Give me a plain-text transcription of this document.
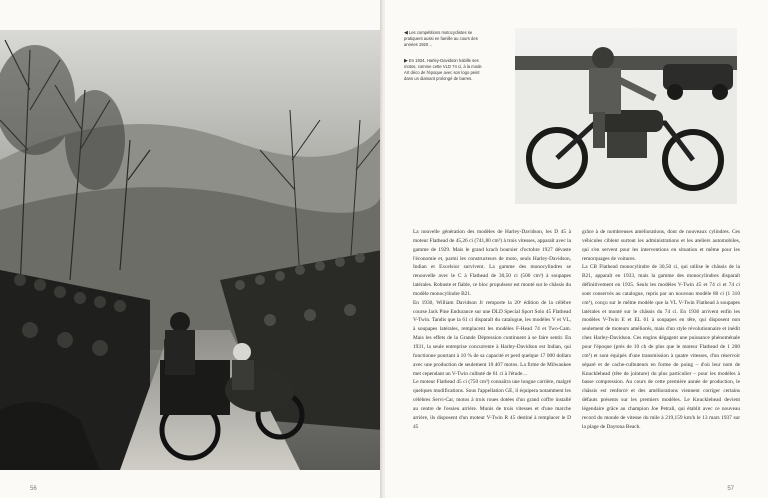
56
◀Les compétitions motocyclistes se pratiquent aussi en famille au cours des années 1920…
▶En 1934, Harley-Davidson habille ses motos, comme cette VLD 74 ci, à la mode Art déco de l'époque avec son logo peint dans un diamant prolongé de barres.

La nouvelle génération des modèles de Harley-Davidson, les D 45 à moteur Flathead de 45,26 ci (741,80 cm³) à trois vitesses, apparaît avec la gamme de 1929. Mais le grand krach boursier d'octobre 1927 dévaste l'économie et, parmi les constructeurs de moto, seuls Harley-Davidson, Indian et Excelsior survivent. La gamme des monocylindres se renouvelle avec le C à Flathead de 30,50 ci (500 cm³) à soupapes latérales. Robuste et fiable, ce bloc propulseur est monté sur le châssis du modèle monocylindre B21.

En 1930, William Davidson Jr remporte la 20ᵉ édition de la célèbre course Jack Pine Endurance sur une DLD Special Sport Solo 45 Flathead V-Twin. Tandis que la 61 ci disparaît du catalogue, les modèles V et VL, à soupapes latérales, remplacent les modèles F-Head 74 et Two-Cam. Mais les effets de la Grande Dépression continuent à se faire sentir. En 1931, la seule entreprise concurrente à Harley-Davidson est Indian, qui fonctionne pourtant à 10 % de sa capacité et perd quelque 17 000 dollars avec une production de seulement 10 407 motos. La firme de Milwaukee met cependant un V-Twin culbuté de 61 ci à l'étude…

Le moteur Flathead 45 ci (750 cm³) connaîtra une longue carrière, malgré quelques modifications. Sous l'appellation GE, il équipera notamment les célèbres Servi-Car, motos à trois roues dotées d'un grand coffre installé au centre de l'essieu arrière. Munis de trois vitesses et d'une marche arrière, ils disposent d'un moteur V-Twin R 45 destiné à remplacer le D 45

grâce à de nombreuses améliorations, dont de nouveaux cylindres. Ces véhicules ciblent surtout les administrations et les ateliers automobiles, qui s'en servent pour les interventions en situation et même pour les remorquages de voitures.

La CB Flathead monocylindre de 30,50 ci, qui utilise le châssis de la B21, apparaît en 1933, mais la gamme des monocylindres disparaît définitivement en 1935. Seuls les modèles V-Twin 45 et 74 ci et 74 ci sont conservés au catalogue, repris par un nouveau modèle 80 ci (1 310 cm³), conçu sur le même modèle que la VL V-Twin Flathead à soupapes latérales et monté sur le châssis du 74 ci. En 1936 arrivent enfin les modèles V-Twin E et EL 61 à soupapes en tête, qui disposent non seulement de moteurs améliorés, mais d'un style révolutionnaire et inédit chez Harley-Davidson. Ces engins dégagent une puissance phénoménale pour l'époque (près de 10 ch de plus que le moteur Flathead de 1 200 cm³) et sont équipés d'une transmission à quatre vitesses, d'un réservoir séparé et de cache-culbuteurs en forme de poing – d'où leur nom de Knucklehead (tête de jointure) du plus particulier – pour les modèles à basse compression. Au cours de cette première année de production, le châssis est renforcé et des améliorations viennent corriger certains défauts présents sur les premiers modèles. Le Knucklehead devient légendaire grâce au champion Joe Petrali, qui établit avec ce nouveau record du monde de vitesse du mile à 219,159 km/h le 13 mars 1937 sur la plage de Daytona Beach.

57
